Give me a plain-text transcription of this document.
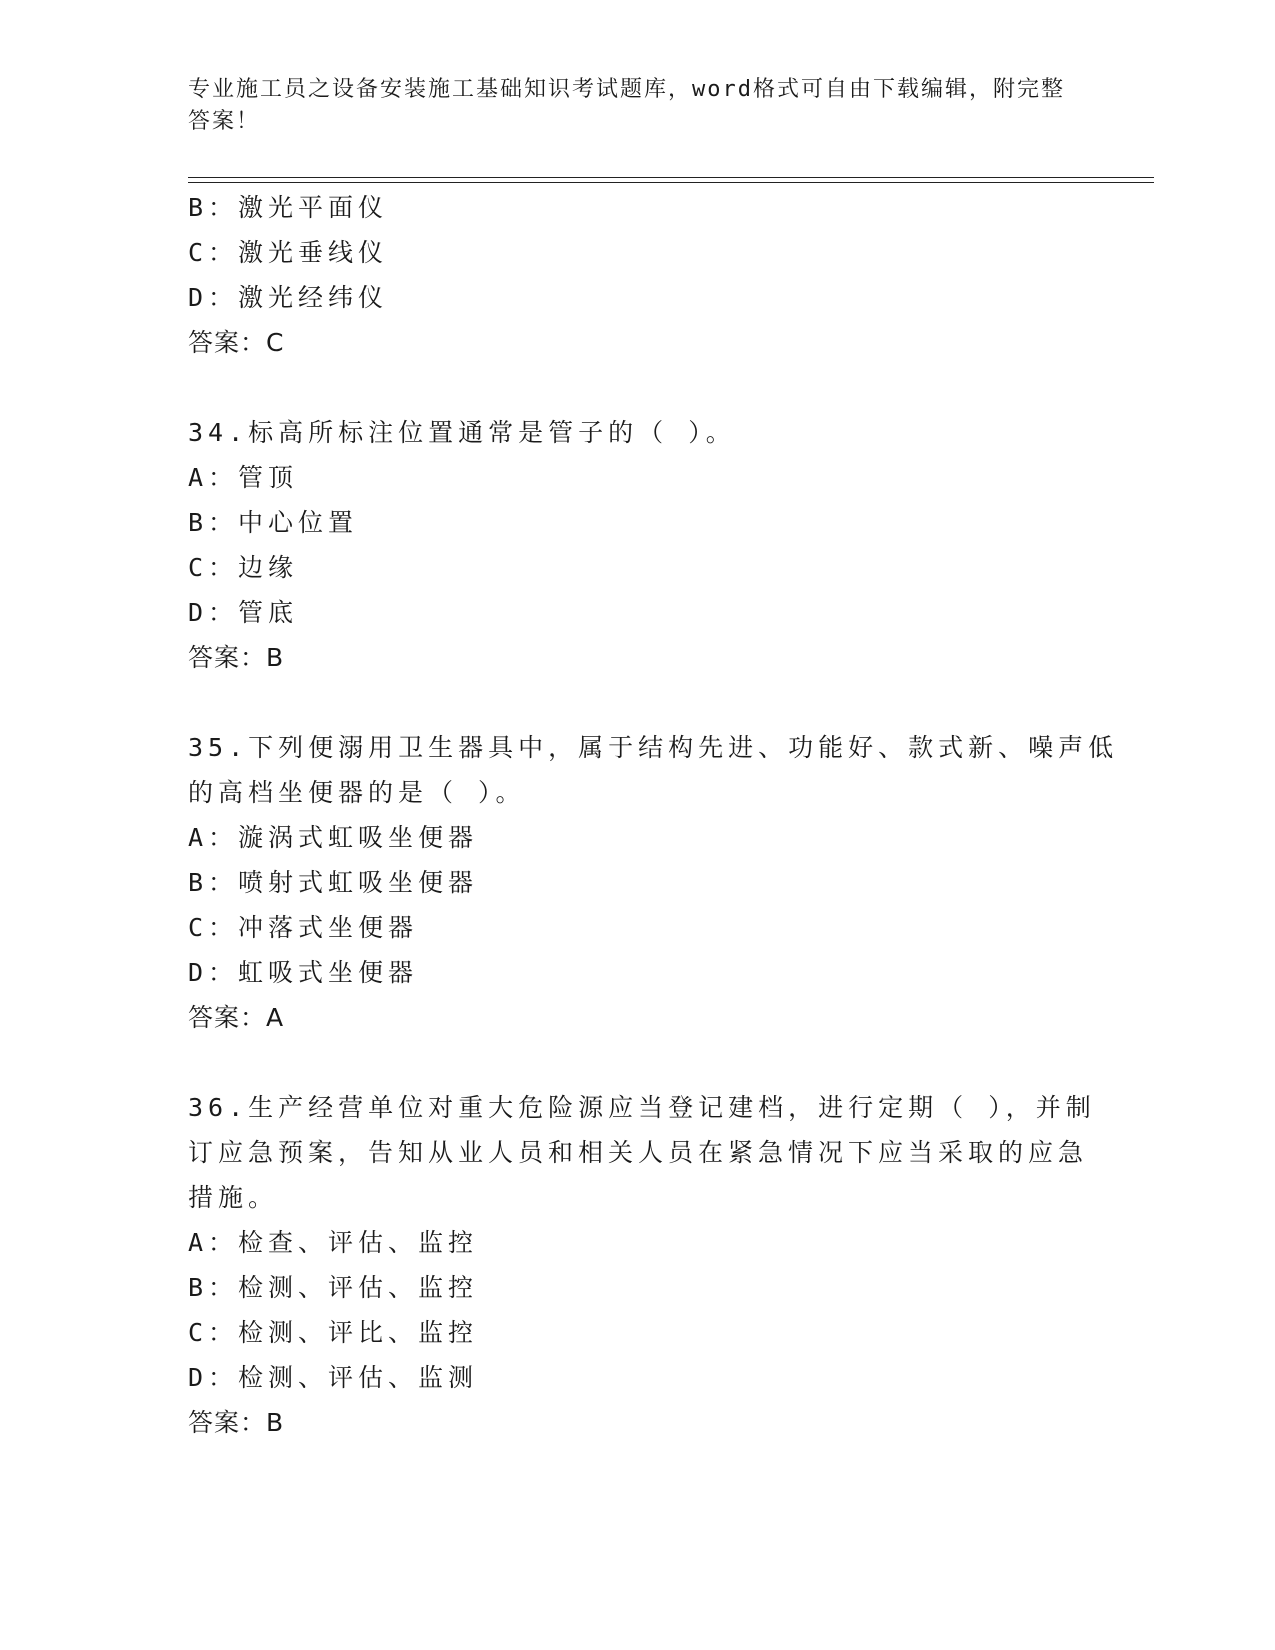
专业施工员之设备安装施工基础知识考试题库，word格式可自由下载编辑，附完整答案！
B：激光平面仪
C：激光垂线仪
D：激光经纬仪
答案：C
34.标高所标注位置通常是管子的（ ）。
A：管顶
B：中心位置
C：边缘
D：管底
答案：B
35.下列便溺用卫生器具中，属于结构先进、功能好、款式新、噪声低
的高档坐便器的是（ ）。
A：漩涡式虹吸坐便器
B：喷射式虹吸坐便器
C：冲落式坐便器
D：虹吸式坐便器
答案：A
36.生产经营单位对重大危险源应当登记建档，进行定期（ ），并制
订应急预案，告知从业人员和相关人员在紧急情况下应当采取的应急
措施。
A：检查、评估、监控
B：检测、评估、监控
C：检测、评比、监控
D：检测、评估、监测
答案：B
